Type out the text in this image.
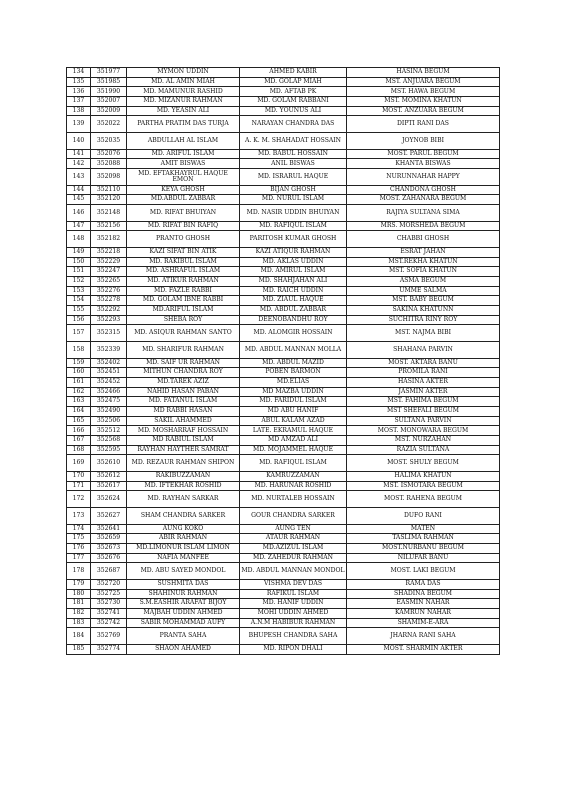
134	351977	MYMON UDDIN	AHMED KABIR	HASINA BEGUM
135	351985	MD. AL AMIN MIAH	MD. GOLAP MIAH	MST. ANJUARA BEGUM
136	351990	MD. MAMUNUR RASHID	MD. AFTAB PK	MST. HAWA BEGUM
137	352007	MD. MIZANUR RAHMAN	MD. GOLAM RABBANI	MST. MOMINA KHATUN
138	352009	MD. YEASIN ALI	MD. YOUNUS ALI	MOST. ANZUARA BEGUM
139	352022	PARTHA PRATIM DAS TURJA	NARAYAN CHANDRA DAS	DIPTI RANI DAS
140	352035	ABDULLAH AL ISLAM	A. K. M. SHAHADAT HOSSAIN	JOYNOB BIBI
141	352076	MD. ARIFUL ISLAM	MD. BABUL HOSSAIN	MOST. PARUL BEGUM
142	352088	AMIT BISWAS	ANIL BISWAS	KHANTA BISWAS
143	352098	MD. EFTAKHAYRUL HAQUE EMON	MD. ISRARUL HAQUE	NURUNNAHAR HAPPY
144	352110	KEYA GHOSH	BIJAN GHOSH	CHANDONA GHOSH
145	352120	MD.ABDUL ZABBAR	MD. NURUL ISLAM	MOST. ZAHANARA BEGUM
146	352148	MD. RIFAT BHUIYAN	MD. NASIR UDDIN BHUIYAN	RAJIYA SULTANA SIMA
147	352156	MD. RIFAT BIN RAFIQ	MD. RAFIQUL ISLAM	MRS. MORSHEDA BEGUM
148	352182	PRANTO GHOSH	PARITOSH KUMAR GHOSH	CHABBI GHOSH
149	352218	KAZI SIFAT BIN ATIK	KAZI ATIQUR RAHMAN	ESRAT JAHAN
150	352229	MD. RAKIBUL ISLAM	MD. AKLAS UDDIN	MST.REKHA KHATUN
151	352247	MD. ASHRAFUL ISLAM	MD. AMIRUL ISLAM	MST. SOFIA KHATUN
152	352265	MD. ATIKUR RAHMAN	MD. SHAHJAHAN ALI	ASMA BEGUM
153	352276	MD. FAZLE RABBI	MD. RAICH UDDIN	UMME SALMA
154	352278	MD. GOLAM IBNE RABBI	MD. ZIAUL HAQUE	MST. BABY BEGUM
155	352292	MD.ARIFUL ISLAM	MD. ABDUL ZABBAR	SAKINA KHATUNN
156	352293	SHEBA ROY	DEENOBANDHU ROY	SUCHITRA RINY ROY
157	352315	MD. ASIQUR RAHMAN SANTO	MD. ALOMGIR HOSSAIN	MST. NAJMA BIBI
158	352339	MD. SHARIFUR RAHMAN	MD. ABDUL MANNAN MOLLA	SHAHANA PARVIN
159	352402	MD. SAIF UR RAHMAN	MD. ABDUL MAZID	MOST. AKTARA BANU
160	352451	MITHUN CHANDRA ROY	POBEN BARMON	PROMILA RANI
161	352452	MD.TAREK AZIZ	MD.ELIAS	HASINA AKTER
162	352466	NAHID HASAN PABAN	MD MAZBA UDDIN	JASMIN AKTER
163	352475	MD. FATANUL ISLAM	MD. FARIDUL ISLAM	MST. FAHIMA BEGUM
164	352490	MD RABBI HASAN	MD ABU HANIF	MST SHEFALI BEGUM
165	352506	SAKIL AHAMMED	ABUL KALAM AZAD	SULTANA PARVIN
166	352512	MD. MOSHARRAF HOSSAIN	LATE. EKRAMUL HAQUE	MOST. MONOWARA BEGUM
167	352568	MD RABIUL ISLAM	MD AMZAD ALI	MST. NURZAHAN
168	352595	RAYHAN HAYTHER SAMRAT	MD. MOJAMMEL HAQUE	RAZIA SULTANA
169	352610	MD. REZAUR RAHMAN SHIPON	MD. RAFIQUL ISLAM	MOST. SHULY BEGUM
170	352612	RAKIBUZZAMAN	KAMRUZZAMAN	HALIMA KHATUN
171	352617	MD. IFTEKHAR ROSHID	MD. HARUNAR ROSHID	MST. ISMOTARA BEGUM
172	352624	MD. RAYHAN SARKAR	MD. NURTALEB HOSSAIN	MOST. RAHENA BEGUM
173	352627	SHAM CHANDRA SARKER	GOUR CHANDRA SARKER	DUFO RANI
174	352641	AUNG KOKO	AUNG TEN	MATEN
175	352659	ABIR RAHMAN	ATAUR RAHMAN	TASLIMA RAHMAN
176	352673	MD.LIMONUR ISLAM LIMON	MD.AZIZUL ISLAM	MOST.NURBANU BEGUM
177	352676	NAFIA MANFEE	MD. ZAHEDUR RAHMAN	NILUFAR BANU
178	352687	MD. ABU SAYED MONDOL	MD. ABDUL MANNAN MONDOL	MOST. LAKI BEGUM
179	352720	SUSHMITA DAS	VISHMA DEV DAS	RAMA DAS
180	352725	SHAHINUR RAHMAN	RAFIKUL ISLAM	SHADINA BEGUM
181	352730	S.M.EASHIR ARAFAT BIJOY	MD. HANIF UDDIN	EASMIN NAHAR
182	352741	MAJBAH UDDIN AHMED	MOHI UDDIN AHMED	KAMRUN NAHAR
183	352742	SABIR MOHAMMAD AUFY	A.N.M HABIBUR RAHMAN	SHAMIM-E-ARA
184	352769	PRANTA SAHA	BHUPESH CHANDRA SAHA	JHARNA RANI SAHA
185	352774	SHAON AHAMED	MD. RIPON DHALI	MOST. SHARMIN AKTER
